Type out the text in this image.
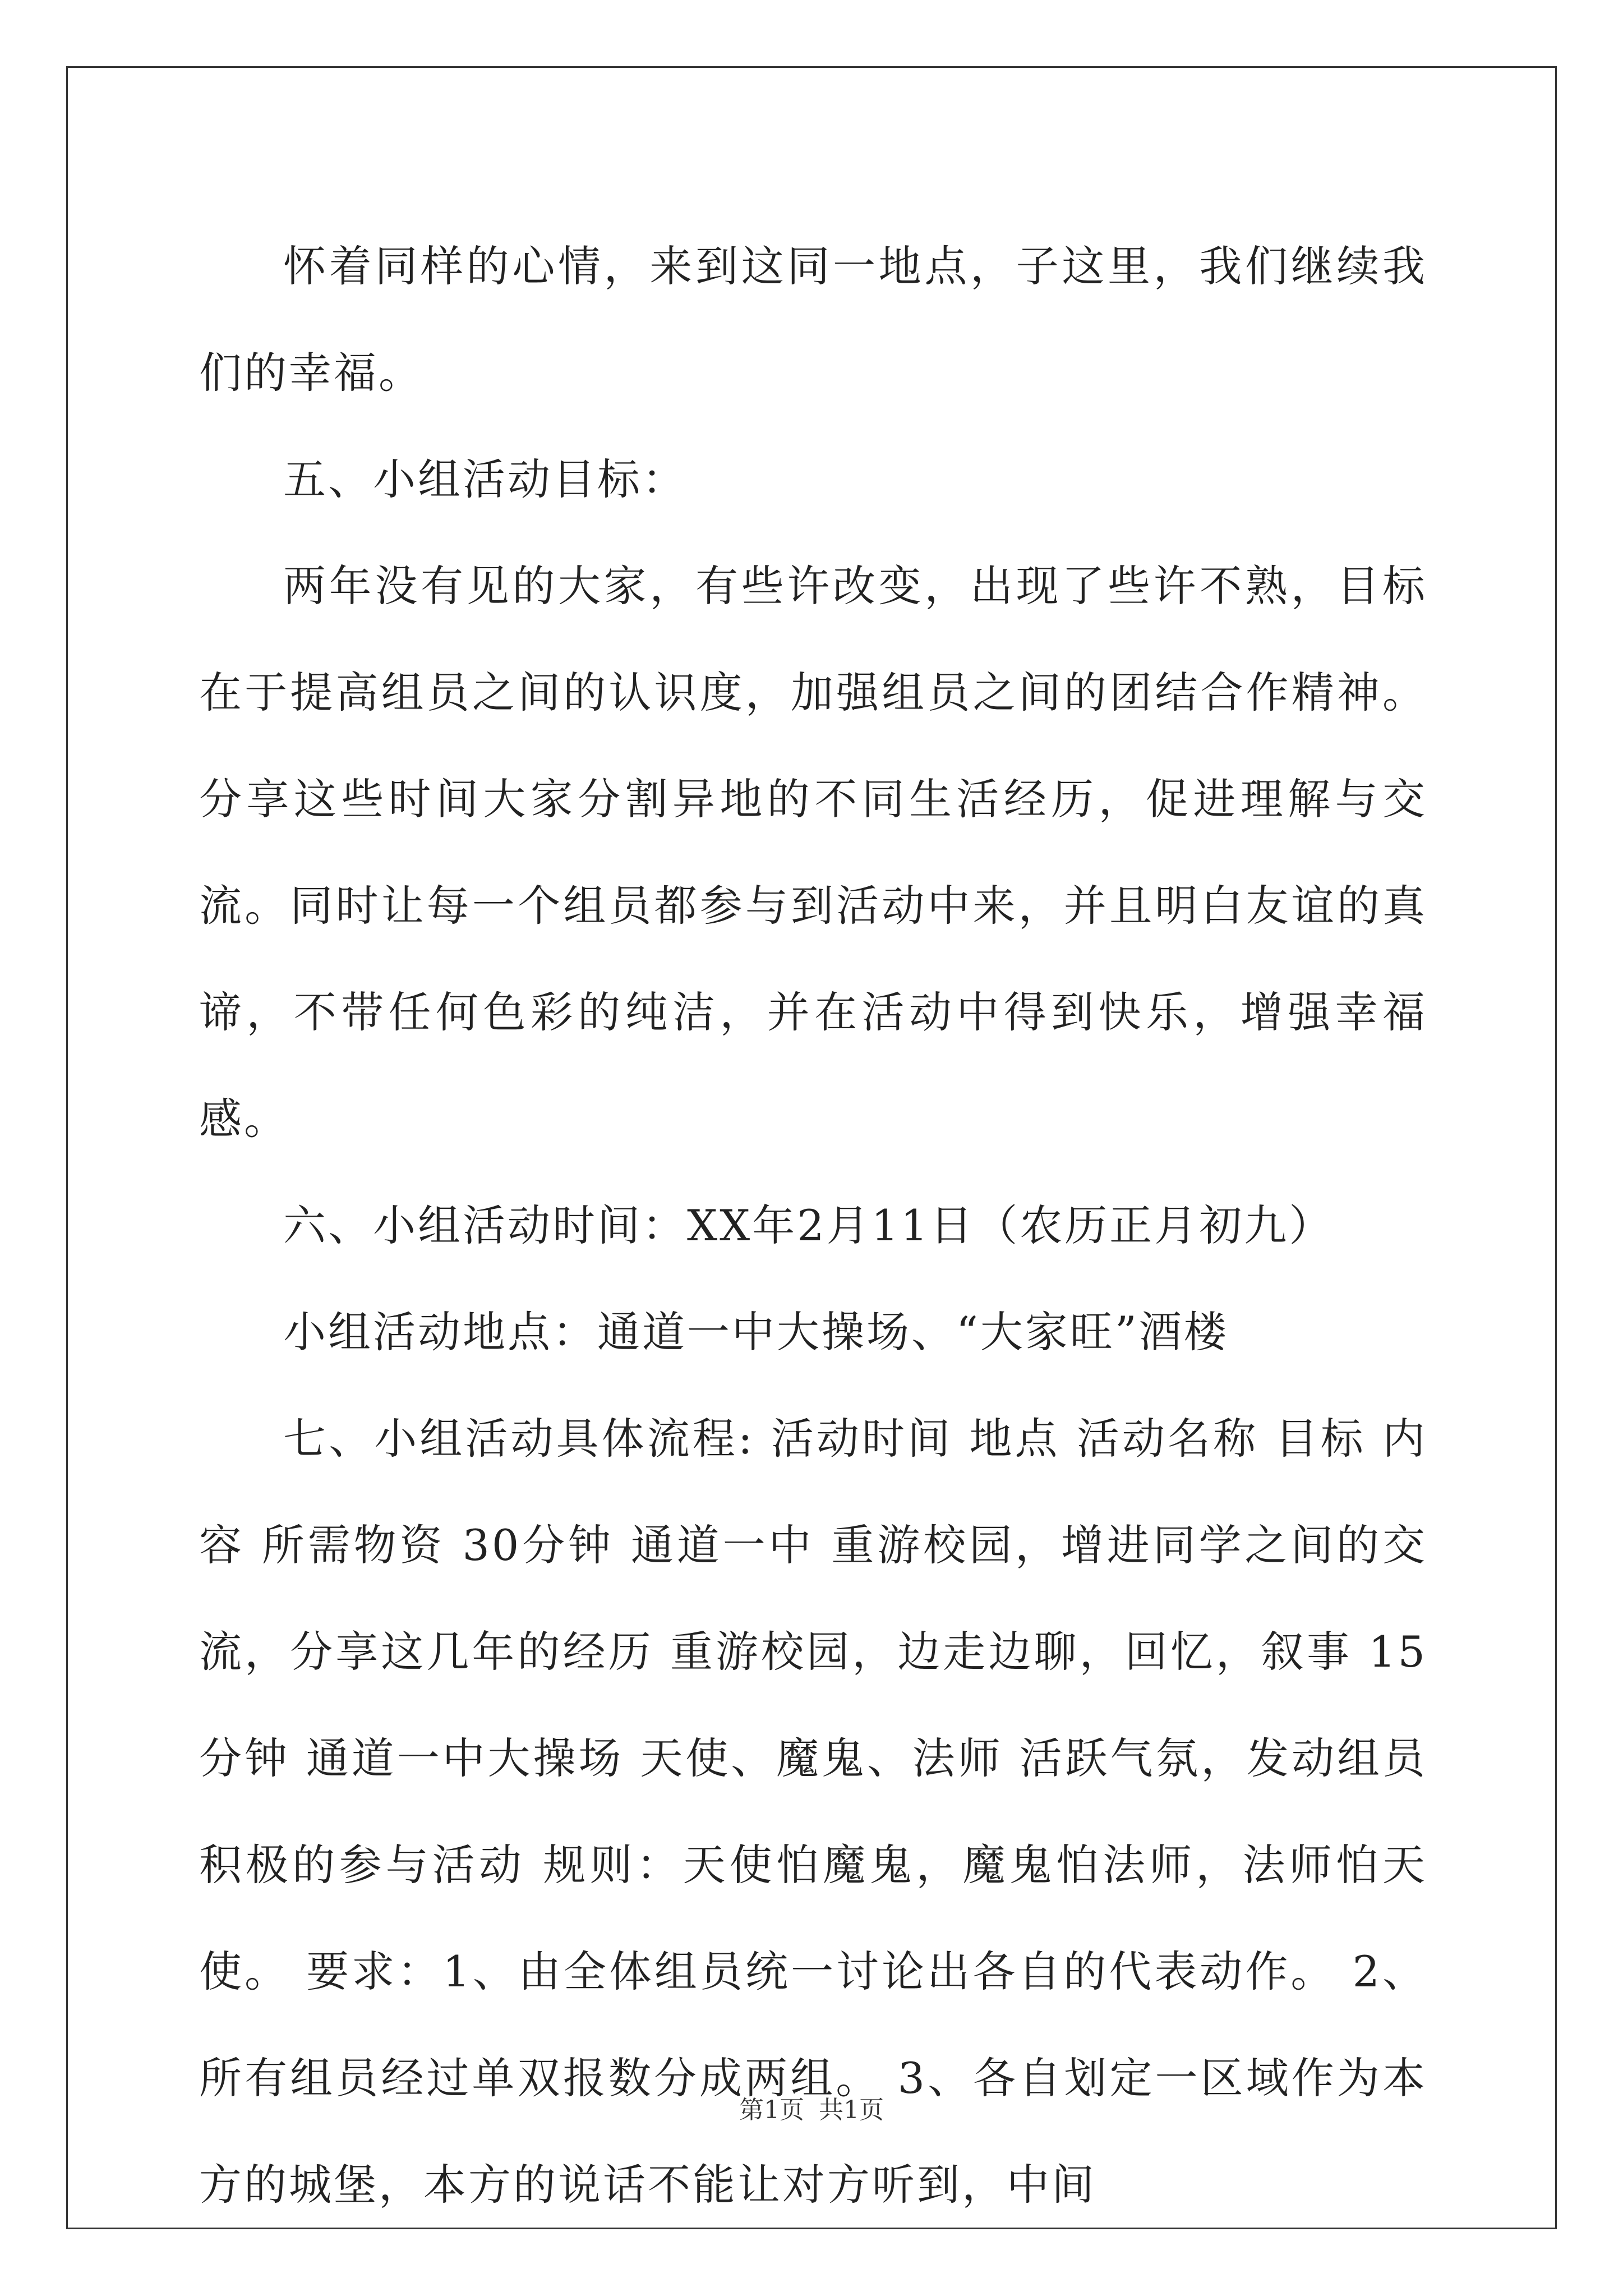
怀着同样的心情，来到这同一地点，子这里，我们继续我们的幸福。

五、小组活动目标：

两年没有见的大家，有些许改变，出现了些许不熟，目标在于提高组员之间的认识度，加强组员之间的团结合作精神。分享这些时间大家分割异地的不同生活经历，促进理解与交流。同时让每一个组员都参与到活动中来，并且明白友谊的真谛，不带任何色彩的纯洁，并在活动中得到快乐，增强幸福感。

六、小组活动时间：XX年2月11日（农历正月初九）

小组活动地点：通道一中大操场、“大家旺”酒楼

七、小组活动具体流程: 活动时间 地点 活动名称 目标 内容 所需物资 30分钟 通道一中 重游校园，增进同学之间的交流，分享这几年的经历 重游校园，边走边聊，回忆，叙事 15分钟 通道一中大操场 天使、魔鬼、法师 活跃气氛，发动组员积极的参与活动 规则：天使怕魔鬼，魔鬼怕法师，法师怕天使。 要求：1、由全体组员统一讨论出各自的代表动作。 2、所有组员经过单双报数分成两组。 3、各自划定一区域作为本方的城堡，本方的说话不能让对方听到，中间

第1页 共1页
